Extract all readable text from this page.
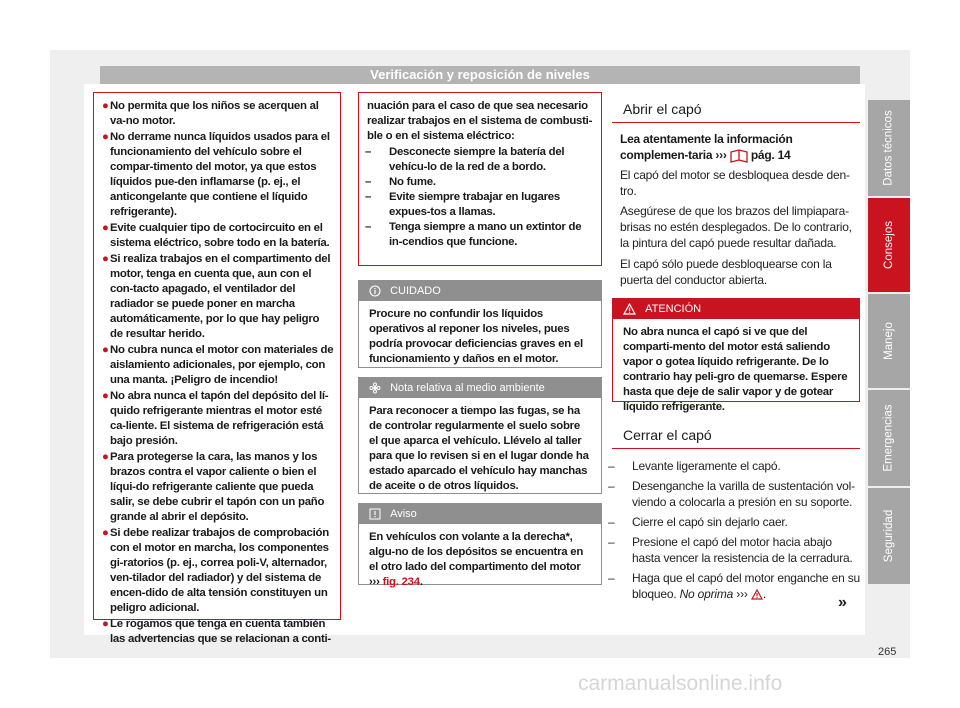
Verificación y reposición de niveles
●No permita que los niños se acerquen al va-no motor.
●No derrame nunca líquidos usados para el funcionamiento del vehículo sobre el compar-timento del motor, ya que estos líquidos pue-den inflamarse (p. ej., el anticongelante que contiene el líquido refrigerante).
●Evite cualquier tipo de cortocircuito en el sistema eléctrico, sobre todo en la batería.
●Si realiza trabajos en el compartimento del motor, tenga en cuenta que, aun con el con-tacto apagado, el ventilador del radiador se puede poner en marcha automáticamente, por lo que hay peligro de resultar herido.
●No cubra nunca el motor con materiales de aislamiento adicionales, por ejemplo, con una manta. ¡Peligro de incendio!
●No abra nunca el tapón del depósito del lí-quido refrigerante mientras el motor esté ca-liente. El sistema de refrigeración está bajo presión.
●Para protegerse la cara, las manos y los brazos contra el vapor caliente o bien el líqui-do refrigerante caliente que pueda salir, se debe cubrir el tapón con un paño grande al abrir el depósito.
●Si debe realizar trabajos de comprobación con el motor en marcha, los componentes gi-ratorios (p. ej., correa poli-V, alternador, ven-tilador del radiador) y del sistema de encen-dido de alta tensión constituyen un peligro adicional.
●Le rogamos que tenga en cuenta también las advertencias que se relacionan a conti-
nuación para el caso de que sea necesario realizar trabajos en el sistema de combusti-ble o en el sistema eléctrico:
– Desconecte siempre la batería del vehícu-lo de la red de a bordo.
– No fume.
– Evite siempre trabajar en lugares expues-tos a llamas.
– Tenga siempre a mano un extintor de in-cendios que funcione.
CUIDADO
Procure no confundir los líquidos operativos al reponer los niveles, pues podría provocar deficiencias graves en el funcionamiento y daños en el motor.
Nota relativa al medio ambiente
Para reconocer a tiempo las fugas, se ha de controlar regularmente el suelo sobre el que aparca el vehículo. Llévelo al taller para que lo revisen si en el lugar donde ha estado aparcado el vehículo hay manchas de aceite o de otros líquidos.
Aviso
En vehículos con volante a la derecha*, algu-no de los depósitos se encuentra en el otro lado del compartimento del motor ››› fig. 234.
Abrir el capó
Lea atentamente la información complemen-taria ››› pág. 14
El capó del motor se desbloquea desde den-tro.
Asegúrese de que los brazos del limpiapara-brisas no estén desplegados. De lo contrario, la pintura del capó puede resultar dañada.
El capó sólo puede desbloquearse con la puerta del conductor abierta.
ATENCIÓN
No abra nunca el capó si ve que del comparti-mento del motor está saliendo vapor o gotea líquido refrigerante. De lo contrario hay peli-gro de quemarse. Espere hasta que deje de salir vapor y de gotear líquido refrigerante.
Cerrar el capó
– Levante ligeramente el capó.
– Desenganche la varilla de sustentación vol-viendo a colocarla a presión en su soporte.
– Cierre el capó sin dejarlo caer.
– Presione el capó del motor hacia abajo hasta vencer la resistencia de la cerradura.
– Haga que el capó del motor enganche en su bloqueo. No oprima ››› .	»
Datos técnicos
Consejos
Manejo
Emergencias
Seguridad
265
carmanualsonline.info
